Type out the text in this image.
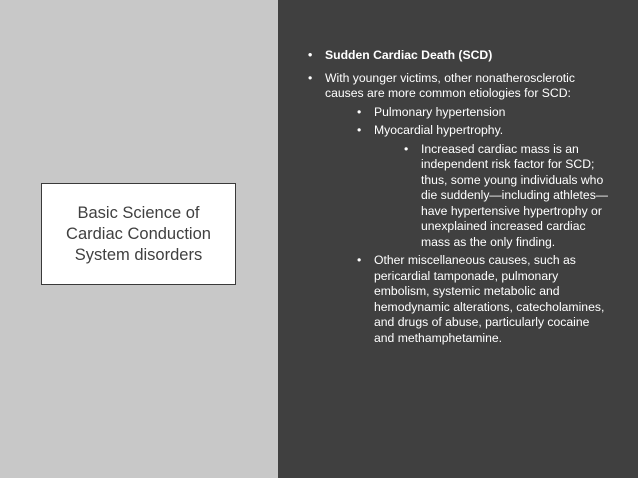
Basic Science of
Cardiac Conduction
System disorders
• Sudden Cardiac Death (SCD)
• With younger victims, other nonatherosclerotic causes are more common etiologies for SCD:
• Pulmonary hypertension
• Myocardial hypertrophy.
• Increased cardiac mass is an independent risk factor for SCD; thus, some young individuals who die suddenly—including athletes—have hypertensive hypertrophy or unexplained increased cardiac mass as the only finding.
• Other miscellaneous causes, such as pericardial tamponade, pulmonary embolism, systemic metabolic and hemodynamic alterations, catecholamines, and drugs of abuse, particularly cocaine and methamphetamine.
